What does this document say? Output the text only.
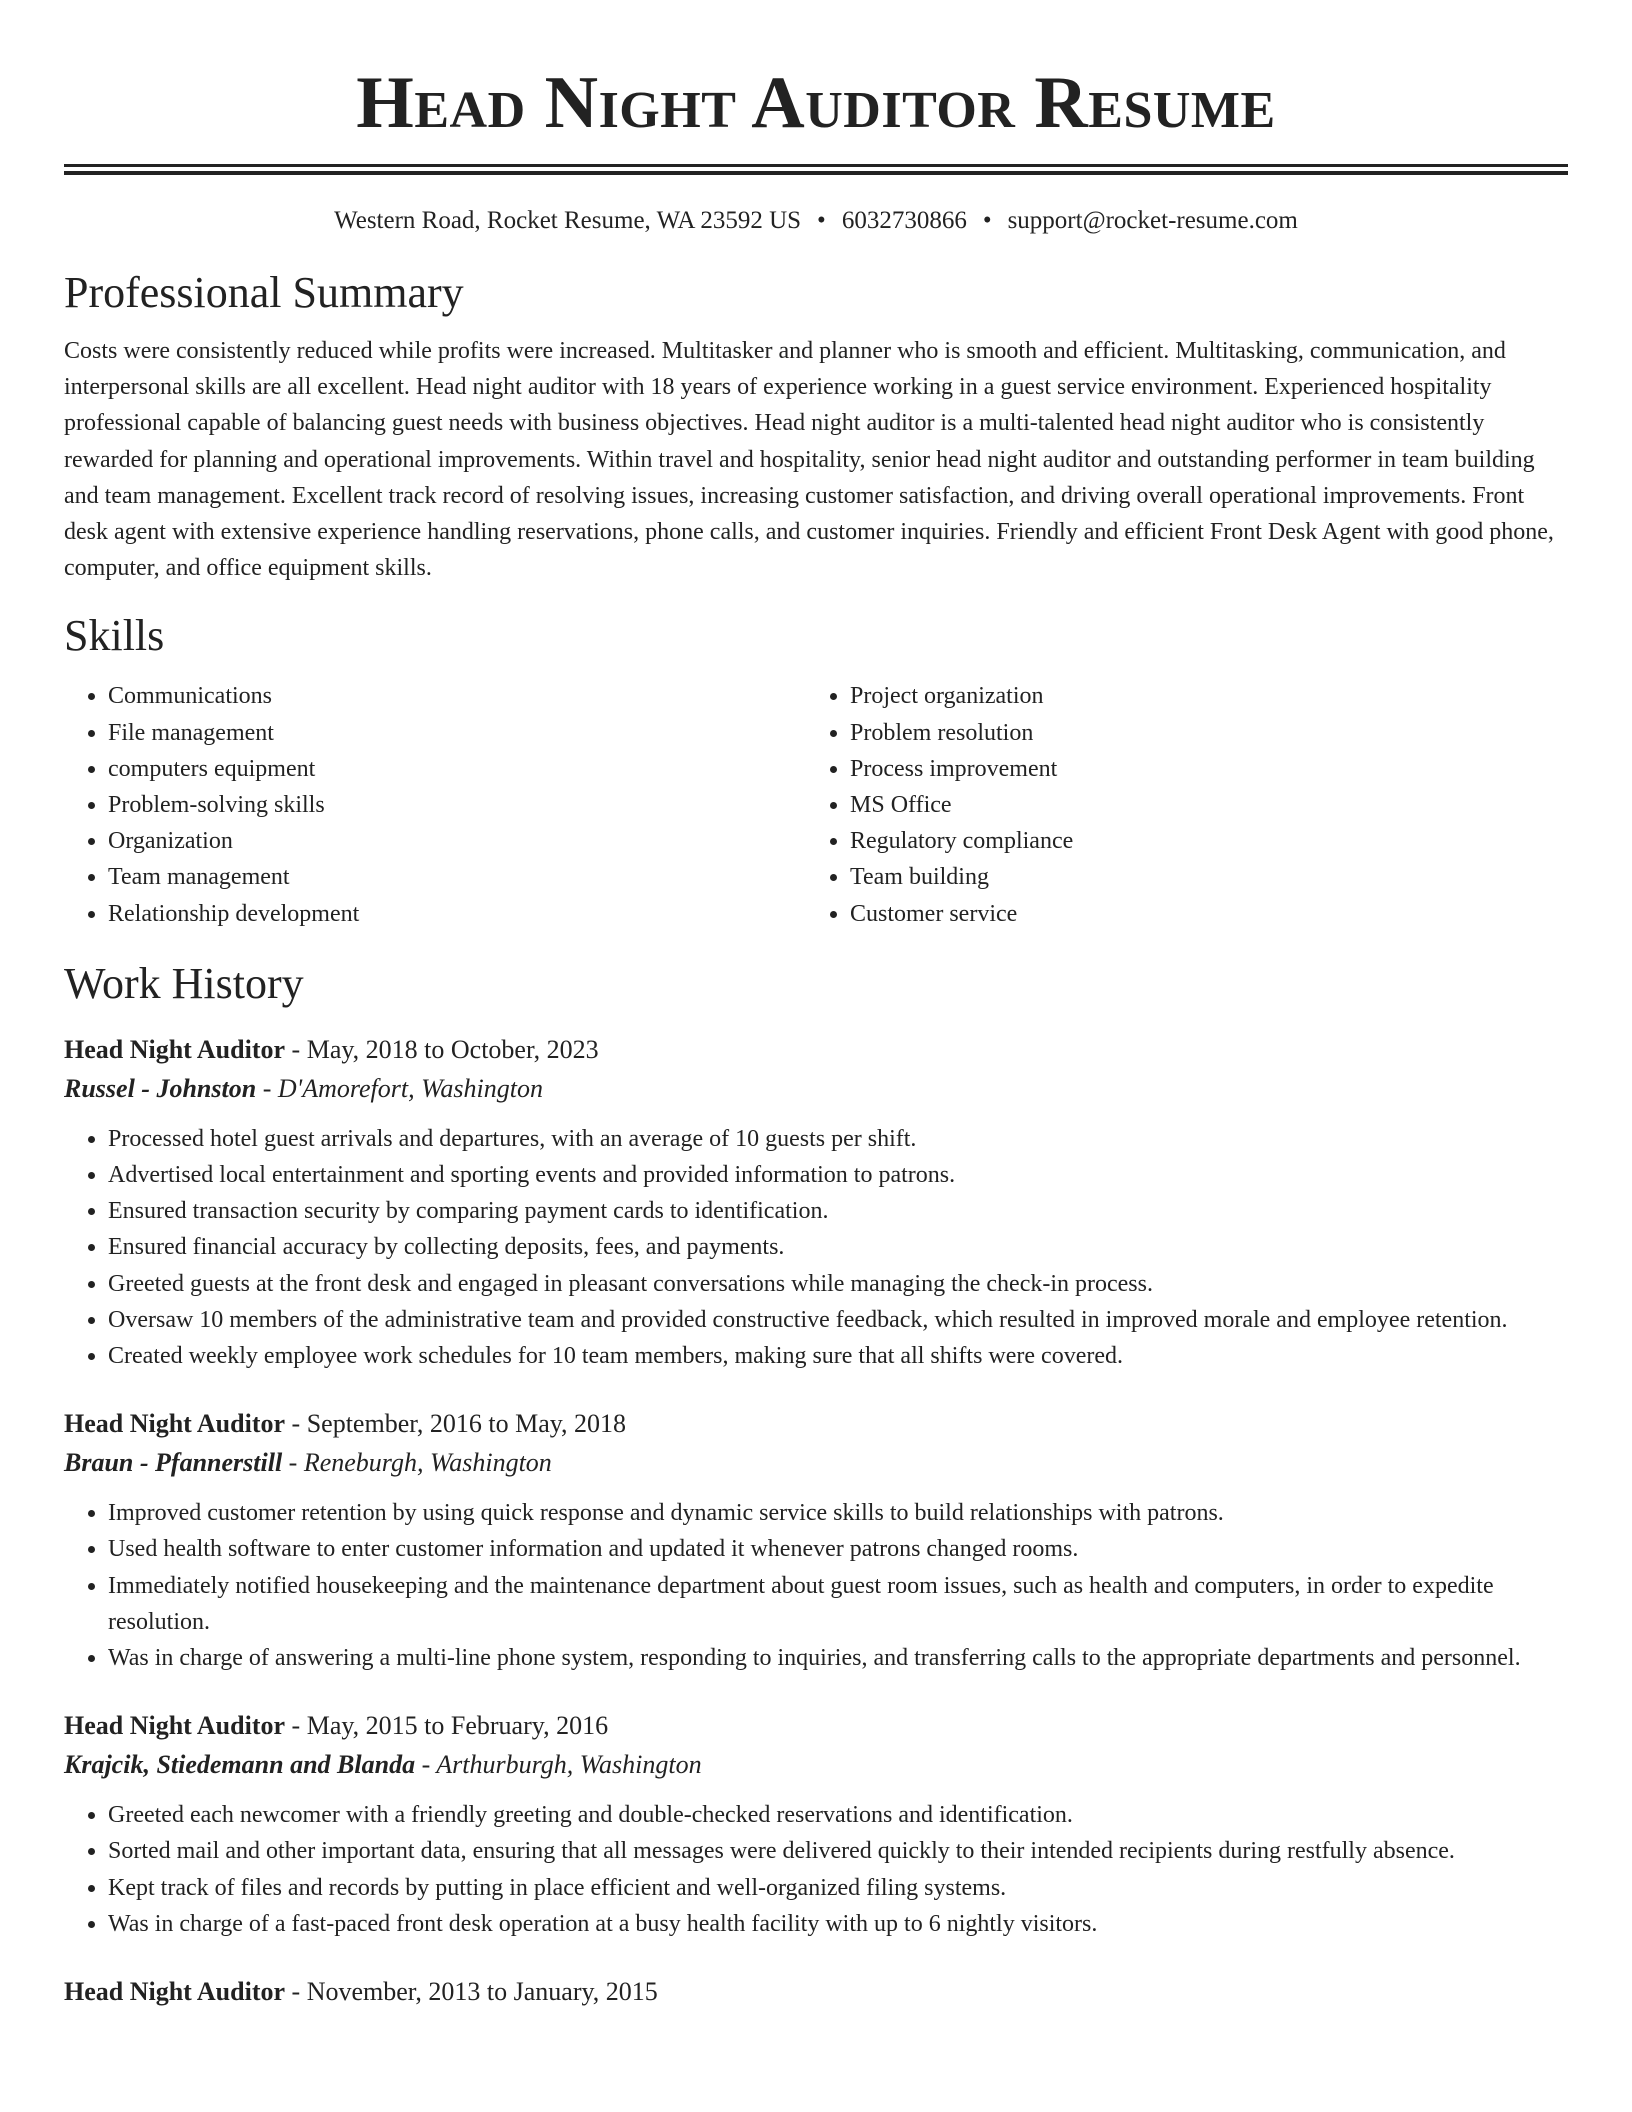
Head Night Auditor Resume
Western Road, Rocket Resume, WA 23592 US • 6032730866 • support@rocket-resume.com
Professional Summary

Costs were consistently reduced while profits were increased. Multitasker and planner who is smooth and efficient. Multitasking, communication, and interpersonal skills are all excellent. Head night auditor with 18 years of experience working in a guest service environment. Experienced hospitality professional capable of balancing guest needs with business objectives. Head night auditor is a multi-talented head night auditor who is consistently rewarded for planning and operational improvements. Within travel and hospitality, senior head night auditor and outstanding performer in team building and team management. Excellent track record of resolving issues, increasing customer satisfaction, and driving overall operational improvements. Front desk agent with extensive experience handling reservations, phone calls, and customer inquiries. Friendly and efficient Front Desk Agent with good phone, computer, and office equipment skills.

Skills
• Communications
• File management
• computers equipment
• Problem-solving skills
• Organization
• Team management
• Relationship development
• Project organization
• Problem resolution
• Process improvement
• MS Office
• Regulatory compliance
• Team building
• Customer service
Work History
Head Night Auditor - May, 2018 to October, 2023
Russel - Johnston - D'Amorefort, Washington
• Processed hotel guest arrivals and departures, with an average of 10 guests per shift.
• Advertised local entertainment and sporting events and provided information to patrons.
• Ensured transaction security by comparing payment cards to identification.
• Ensured financial accuracy by collecting deposits, fees, and payments.
• Greeted guests at the front desk and engaged in pleasant conversations while managing the check-in process.
• Oversaw 10 members of the administrative team and provided constructive feedback, which resulted in improved morale and employee retention.
• Created weekly employee work schedules for 10 team members, making sure that all shifts were covered.
Head Night Auditor - September, 2016 to May, 2018
Braun - Pfannerstill - Reneburgh, Washington
• Improved customer retention by using quick response and dynamic service skills to build relationships with patrons.
• Used health software to enter customer information and updated it whenever patrons changed rooms.
• Immediately notified housekeeping and the maintenance department about guest room issues, such as health and computers, in order to expedite resolution.
• Was in charge of answering a multi-line phone system, responding to inquiries, and transferring calls to the appropriate departments and personnel.
Head Night Auditor - May, 2015 to February, 2016
Krajcik, Stiedemann and Blanda - Arthurburgh, Washington
• Greeted each newcomer with a friendly greeting and double-checked reservations and identification.
• Sorted mail and other important data, ensuring that all messages were delivered quickly to their intended recipients during restfully absence.
• Kept track of files and records by putting in place efficient and well-organized filing systems.
• Was in charge of a fast-paced front desk operation at a busy health facility with up to 6 nightly visitors.
Head Night Auditor - November, 2013 to January, 2015
